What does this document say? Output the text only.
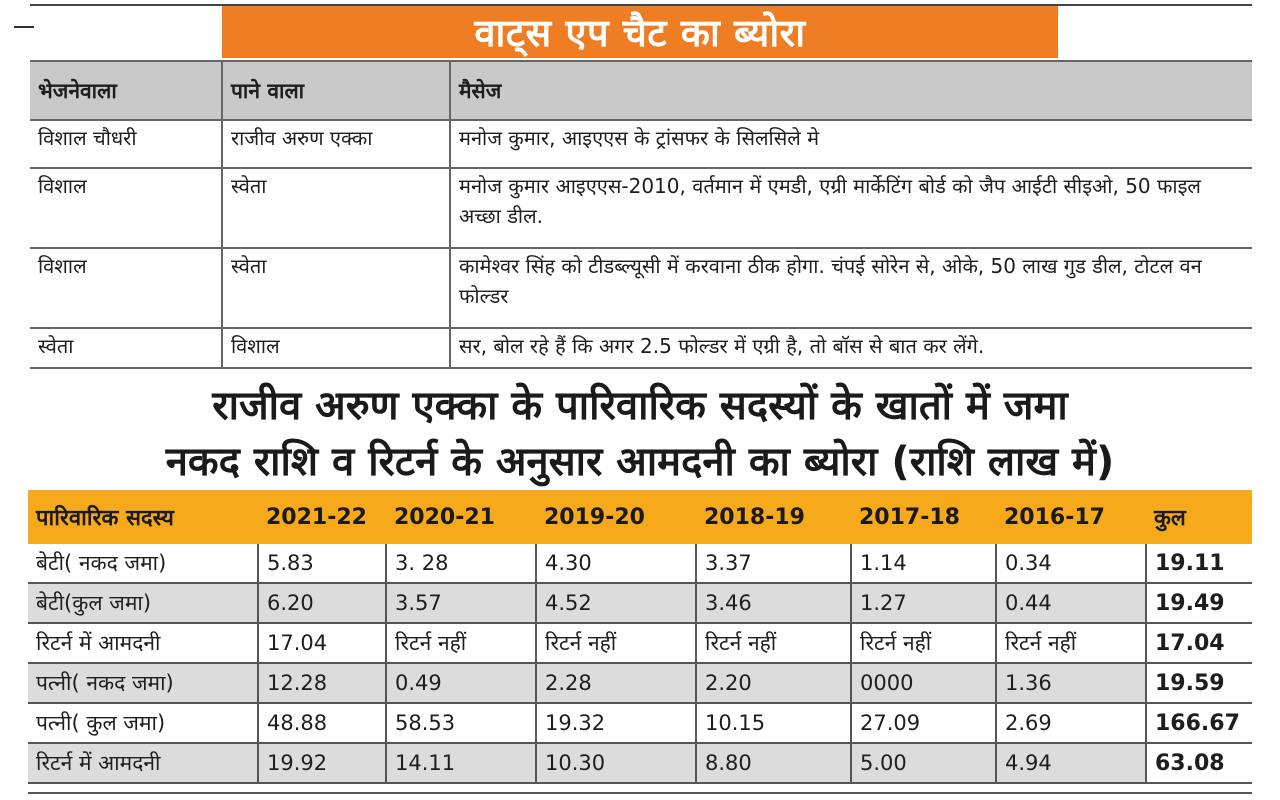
वाट्स एप चैट का ब्योरा
भेजनेवाला	पाने वाला	मैसेज
विशाल चौधरी	राजीव अरुण एक्का	मनोज कुमार, आइएएस के ट्रांसफर के सिलसिले मे
विशाल	स्वेता	मनोज कुमार आइएएस-2010, वर्तमान में एमडी, एग्री मार्केटिंग बोर्ड को जैप आईटी सीइओ, 50 फाइल अच्छा डील.
विशाल	स्वेता	कामेश्वर सिंह को टीडब्ल्यूसी में करवाना ठीक होगा. चंपई सोरेन से, ओके, 50 लाख गुड डील, टोटल वन फोल्डर
स्वेता	विशाल	सर, बोल रहे हैं कि अगर 2.5 फोल्डर में एग्री है, तो बॉस से बात कर लेंगे.
राजीव अरुण एक्का के पारिवारिक सदस्यों के खातों में जमा
नकद राशि व रिटर्न के अनुसार आमदनी का ब्योरा (राशि लाख में)
पारिवारिक सदस्य	2021-22	2020-21	2019-20	2018-19	2017-18	2016-17	कुल
बेटी( नकद जमा)	5.83	3. 28	4.30	3.37	1.14	0.34	19.11
बेटी(कुल जमा)	6.20	3.57	4.52	3.46	1.27	0.44	19.49
रिटर्न में आमदनी	17.04	रिटर्न नहीं	रिटर्न नहीं	रिटर्न नहीं	रिटर्न नहीं	रिटर्न नहीं	17.04
पत्नी( नकद जमा)	12.28	0.49	2.28	2.20	0000	1.36	19.59
पत्नी( कुल जमा)	48.88	58.53	19.32	10.15	27.09	2.69	166.67
रिटर्न में आमदनी	19.92	14.11	10.30	8.80	5.00	4.94	63.08
